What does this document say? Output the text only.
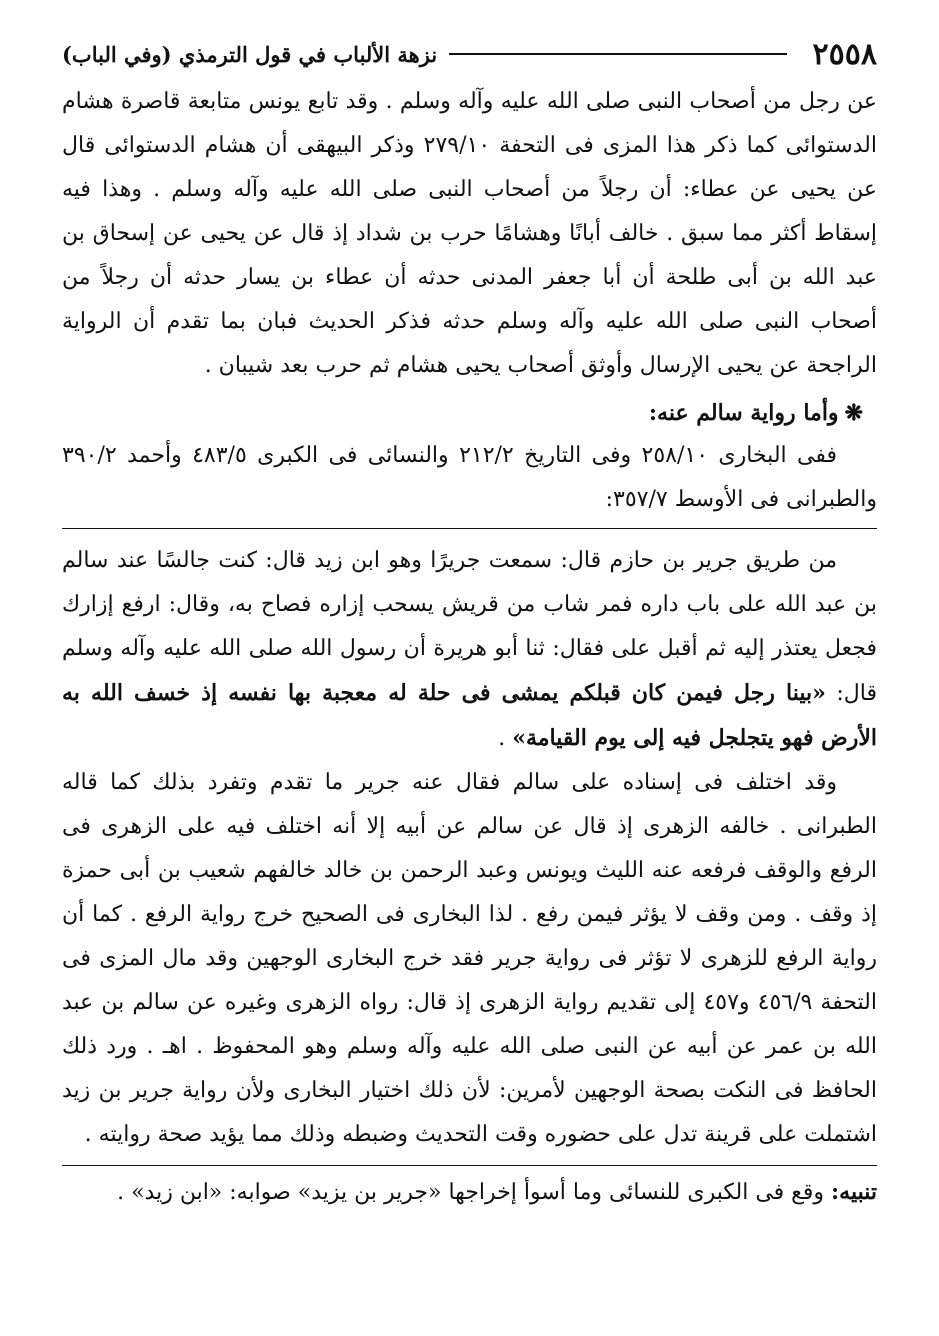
٢٥٥٨
نزهة الألباب في قول الترمذي (وفي الباب)

عن رجل من أصحاب النبى صلى الله عليه وآله وسلم . وقد تابع يونس متابعة قاصرة هشام الدستوائى كما ذكر هذا المزى فى التحفة ٢٧٩/١٠ وذكر البيهقى أن هشام الدستوائى قال عن يحيى عن عطاء: أن رجلاً من أصحاب النبى صلى الله عليه وآله وسلم . وهذا فيه إسقاط أكثر مما سبق . خالف أبانًا وهشامًا حرب بن شداد إذ قال عن يحيى عن إسحاق بن عبد الله بن أبى طلحة أن أبا جعفر المدنى حدثه أن عطاء بن يسار حدثه أن رجلاً من أصحاب النبى صلى الله عليه وآله وسلم حدثه فذكر الحديث فبان بما تقدم أن الرواية الراجحة عن يحيى الإرسال وأوثق أصحاب يحيى هشام ثم حرب بعد شيبان .

❋وأما رواية سالم عنه:

ففى البخارى ٢٥٨/١٠ وفى التاريخ ٢١٢/٢ والنسائى فى الكبرى ٤٨٣/٥ وأحمد ٣٩٠/٢ والطبرانى فى الأوسط ٣٥٧/٧:

من طريق جرير بن حازم قال: سمعت جريرًا وهو ابن زيد قال: كنت جالسًا عند سالم بن عبد الله على باب داره فمر شاب من قريش يسحب إزاره فصاح به، وقال: ارفع إزارك فجعل يعتذر إليه ثم أقبل على فقال: ثنا أبو هريرة أن رسول الله صلى الله عليه وآله وسلم قال: «بينا رجل فيمن كان قبلكم يمشى فى حلة له معجبة بها نفسه إذ خسف الله به الأرض فهو يتجلجل فيه إلى يوم القيامة» .

وقد اختلف فى إسناده على سالم فقال عنه جرير ما تقدم وتفرد بذلك كما قاله الطبرانى . خالفه الزهرى إذ قال عن سالم عن أبيه إلا أنه اختلف فيه على الزهرى فى الرفع والوقف فرفعه عنه الليث ويونس وعبد الرحمن بن خالد خالفهم شعيب بن أبى حمزة إذ وقف . ومن وقف لا يؤثر فيمن رفع . لذا البخارى فى الصحيح خرج رواية الرفع . كما أن رواية الرفع للزهرى لا تؤثر فى رواية جرير فقد خرج البخارى الوجهين وقد مال المزى فى التحفة ٤٥٦/٩ و٤٥٧ إلى تقديم رواية الزهرى إذ قال: رواه الزهرى وغيره عن سالم بن عبد الله بن عمر عن أبيه عن النبى صلى الله عليه وآله وسلم وهو المحفوظ . اهـ . ورد ذلك الحافظ فى النكت بصحة الوجهين لأمرين: لأن ذلك اختيار البخارى ولأن رواية جرير بن زيد اشتملت على قرينة تدل على حضوره وقت التحديث وضبطه وذلك مما يؤيد صحة روايته .

تنبيه: وقع فى الكبرى للنسائى وما أسوأ إخراجها «جرير بن يزيد» صوابه: «ابن زيد» .
